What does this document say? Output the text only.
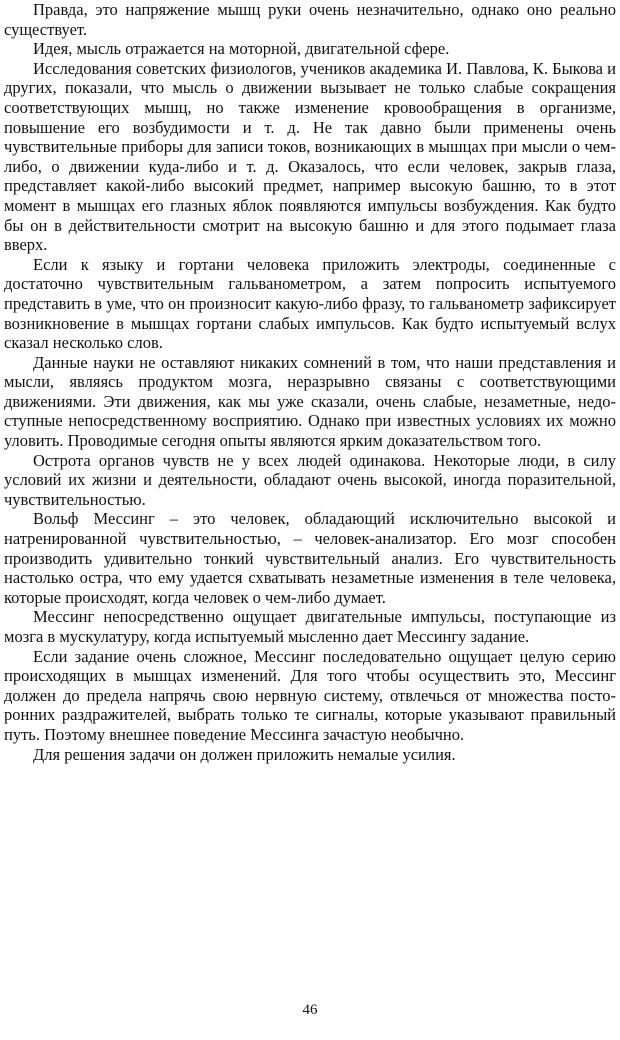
Правда, это напряжение мышц руки очень незначительно, однако оно реально существует.

Идея, мысль отражается на моторной, двигательной сфере.

Исследования советских физиологов, учеников академика И. Павлова, К. Быкова и других, показали, что мысль о движении вызывает не только слабые сокращения соответствующих мышц, но также изменение кровообращения в организме, повышение его возбудимости и т. д. Не так давно были применены очень чувствительные приборы для записи токов, возникающих в мышцах при мысли о чем-либо, о движении куда-либо и т. д. Оказалось, что если человек, закрыв глаза, представляет какой-либо высокий предмет, например высокую башню, то в этот момент в мышцах его глазных яблок появляются импульсы возбуждения. Как будто бы он в действительности смотрит на высокую башню и для этого подымает глаза вверх.

Если к языку и гортани человека приложить электроды, соединенные с достаточно чувствительным гальванометром, а затем попросить испытуемого представить в уме, что он произносит какую-либо фразу, то гальванометр зафиксирует возникновение в мышцах гортани слабых импульсов. Как будто испытуемый вслух сказал несколько слов.

Данные науки не оставляют никаких сомнений в том, что наши представления и мысли, являясь продуктом мозга, неразрывно связаны с соответствующими движениями. Эти движения, как мы уже сказали, очень слабые, незаметные, недоступные непосредственному восприятию. Однако при известных условиях их можно уловить. Проводимые сегодня опыты являются ярким доказательством того.

Острота органов чувств не у всех людей одинакова. Некоторые люди, в силу условий их жизни и деятельности, обладают очень высокой, иногда поразительной, чувствительностью.

Вольф Мессинг – это человек, обладающий исключительно высокой и натренированной чувствительностью, – человек-анализатор. Его мозг способен производить удивительно тонкий чувствительный анализ. Его чувствительность настолько остра, что ему удается схватывать незаметные изменения в теле человека, которые происходят, когда человек о чем-либо думает.

Мессинг непосредственно ощущает двигательные импульсы, поступающие из мозга в мускулатуру, когда испытуемый мысленно дает Мессингу задание.

Если задание очень сложное, Мессинг последовательно ощущает целую серию происходящих в мышцах изменений. Для того чтобы осуществить это, Мессинг должен до предела напрячь свою нервную систему, отвлечься от множества посторонних раздражителей, выбрать только те сигналы, которые указывают правильный путь. Поэтому внешнее поведение Мессинга зачастую необычно.

Для решения задачи он должен приложить немалые усилия.

46
